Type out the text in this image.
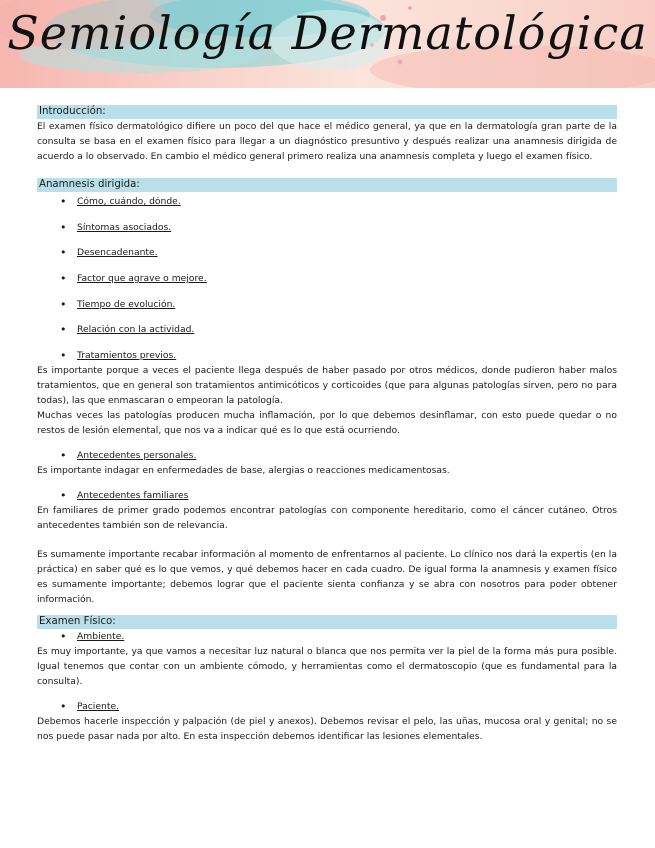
Semiología Dermatológica
Introducción:

El examen físico dermatológico difiere un poco del que hace el médico general, ya que en la dermatología gran parte de la consulta se basa en el examen físico para llegar a un diagnóstico presuntivo y después realizar una anamnesis dirigida de acuerdo a lo observado. En cambio el médico general primero realiza una anamnesis completa y luego el examen físico.

Anamnesis dirigida:
• Cómo, cuándo, dónde.
• Síntomas asociados.
• Desencadenante.
• Factor que agrave o mejore.
• Tiempo de evolución.
• Relación con la actividad.
• Tratamientos previos.

Es importante porque a veces el paciente llega después de haber pasado por otros médicos, donde pudieron haber malos tratamientos, que en general son tratamientos antimicóticos y corticoides (que para algunas patologías sirven, pero no para todas), las que enmascaran o empeoran la patología.

Muchas veces las patologías producen mucha inflamación, por lo que debemos desinflamar, con esto puede quedar o no restos de lesión elemental, que nos va a indicar qué es lo que está ocurriendo.

• Antecedentes personales.

Es importante indagar en enfermedades de base, alergias o reacciones medicamentosas.

• Antecedentes familiares

En familiares de primer grado podemos encontrar patologías con componente hereditario, como el cáncer cutáneo. Otros antecedentes también son de relevancia.

Es sumamente importante recabar información al momento de enfrentarnos al paciente. Lo clínico nos dará la expertis (en la práctica) en saber qué es lo que vemos, y qué debemos hacer en cada cuadro. De igual forma la anamnesis y examen físico es sumamente importante; debemos lograr que el paciente sienta confianza y se abra con nosotros para poder obtener información.

Examen Físico:
• Ambiente.

Es muy importante, ya que vamos a necesitar luz natural o blanca que nos permita ver la piel de la forma más pura posible. Igual tenemos que contar con un ambiente cómodo, y herramientas como el dermatoscopio (que es fundamental para la consulta).

• Paciente.

Debemos hacerle inspección y palpación (de piel y anexos). Debemos revisar el pelo, las uñas, mucosa oral y genital; no se nos puede pasar nada por alto. En esta inspección debemos identificar las lesiones elementales.
